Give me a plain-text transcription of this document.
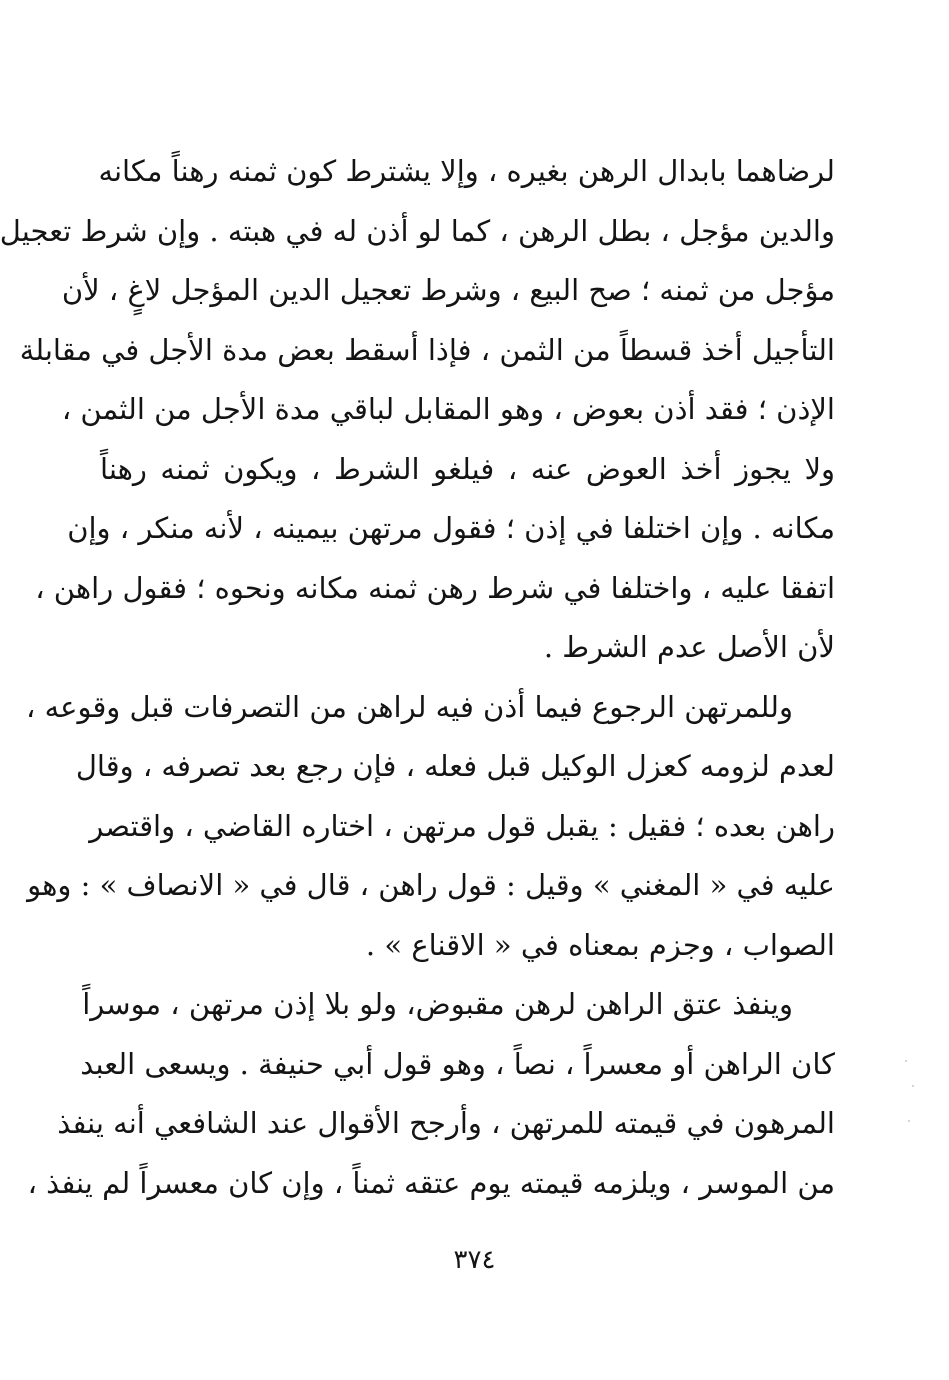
لرضاهما بابدال الرهن بغيره ، وإلا يشترط كون ثمنه رهناً مكانه
والدين مؤجل ، بطل الرهن ، كما لو أذن له في هبته . وإن شرط تعجيل
مؤجل من ثمنه ؛ صح البيع ، وشرط تعجيل الدين المؤجل لاغٍ ، لأن
التأجيل أخذ قسطاً من الثمن ، فإذا أسقط بعض مدة الأجل في مقابلة
الإذن ؛ فقد أذن بعوض ، وهو المقابل لباقي مدة الأجل من الثمن ،
ولا يجوز أخذ العوض عنه ، فيلغو الشرط ، ويكون ثمنه رهناً
مكانه . وإن اختلفا في إذن ؛ فقول مرتهن بيمينه ، لأنه منكر ، وإن
اتفقا عليه ، واختلفا في شرط رهن ثمنه مكانه ونحوه ؛ فقول راهن ،
لأن الأصل عدم الشرط .
وللمرتهن الرجوع فيما أذن فيه لراهن من التصرفات قبل وقوعه ،
لعدم لزومه كعزل الوكيل قبل فعله ، فإن رجع بعد تصرفه ، وقال
راهن بعده ؛ فقيل : يقبل قول مرتهن ، اختاره القاضي ، واقتصر
عليه في « المغني » وقيل : قول راهن ، قال في « الانصاف » : وهو
الصواب ، وجزم بمعناه في « الاقناع » .
وينفذ عتق الراهن لرهن مقبوض، ولو بلا إذن مرتهن ، موسراً
كان الراهن أو معسراً ، نصاً ، وهو قول أبي حنيفة . ويسعى العبد
المرهون في قيمته للمرتهن ، وأرجح الأقوال عند الشافعي أنه ينفذ
من الموسر ، ويلزمه قيمته يوم عتقه ثمناً ، وإن كان معسراً لم ينفذ ،
٣٧٤
